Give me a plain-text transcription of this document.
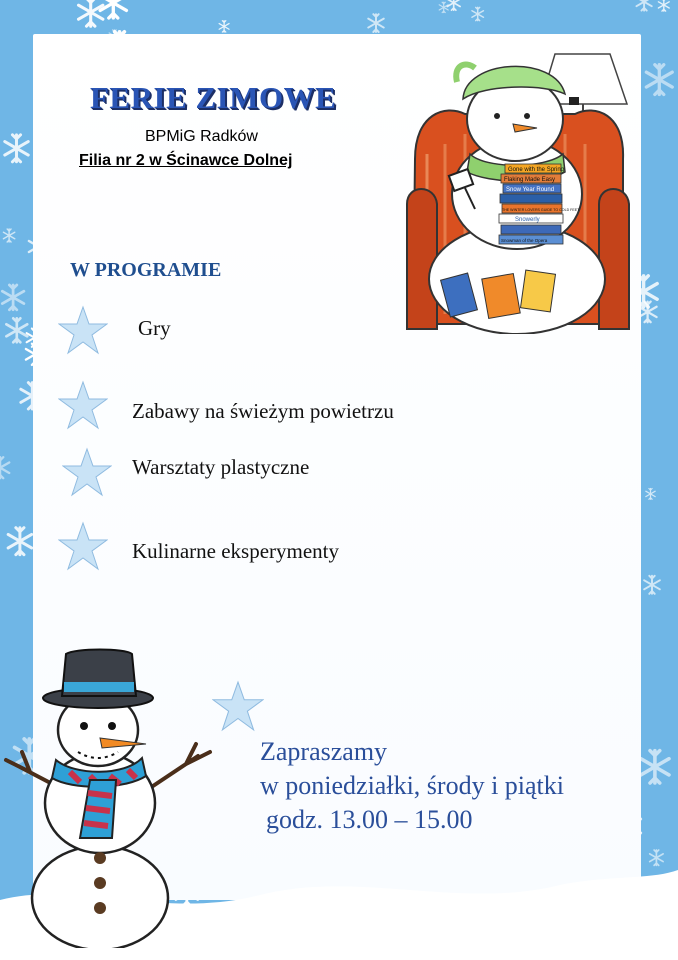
FERIE ZIMOWE
BPMiG Radków
Filia nr 2 w Ścinawce Dolnej
Gone with the Spring
Flaking Made Easy
Snow Year Round
THE WINTER LOVERS GUIDE TO COLD FEET
Snowerly
Snowman of the Opera
W PROGRAMIE
Gry
Zabawy na świeżym powietrzu
Warsztaty plastyczne
Kulinarne eksperymenty
Zapraszamy
w poniedziałki, środy i piątki
godz. 13.00 – 15.00
